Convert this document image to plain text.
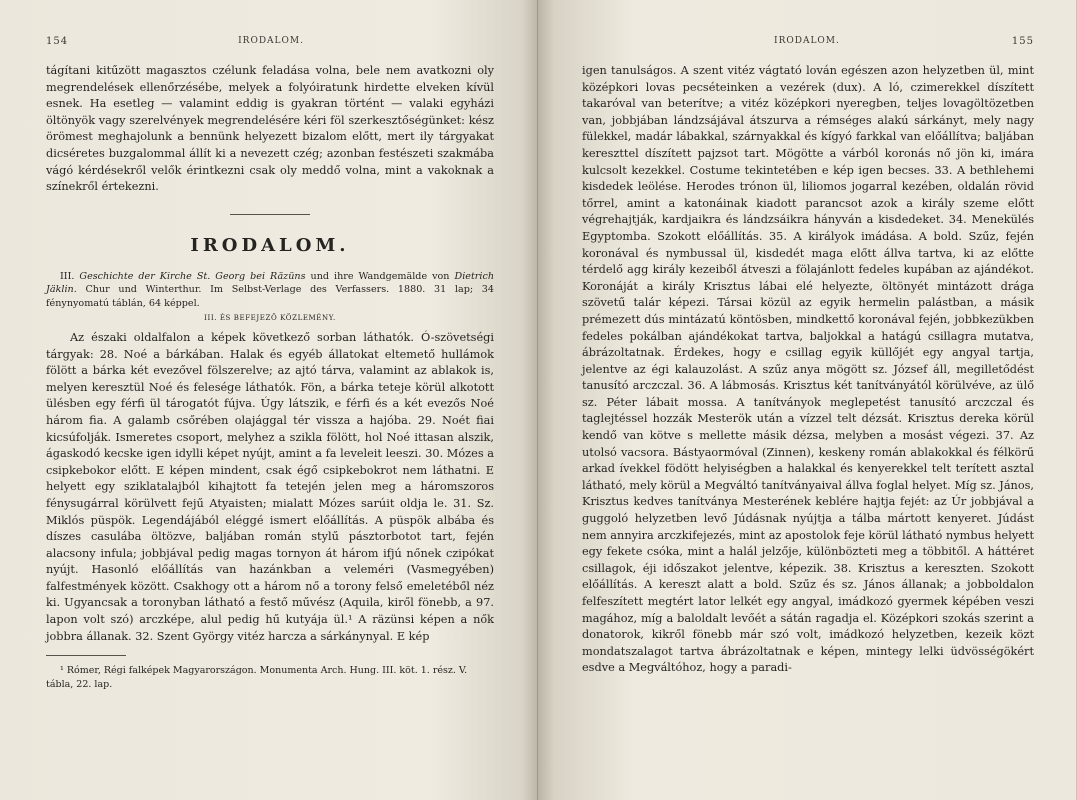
154	IRODALOM.

tágítani kitűzött magasztos czélunk feladása volna, bele nem avatkozni oly megrendelések ellenőrzésébe, melyek a folyóiratunk hirdette elveken kívül esnek. Ha esetleg — valamint eddig is gyakran történt — valaki egyházi öltönyök vagy szerelvények megrendelésére kéri föl szerkesztőségünket: kész örömest meghajolunk a bennünk helyezett bizalom előtt, mert ily tárgyakat dicséretes buzgalommal állít ki a nevezett czég; azonban festészeti szakmába vágó kérdésekről velők érintkezni csak oly meddő volna, mint a vakoknak a színekről értekezni.

IRODALOM.
III. Geschichte der Kirche St. Georg bei Räzüns und ihre Wandgemälde von Dietrich Jäklin. Chur und Winterthur. Im Selbst-Verlage des Verfassers. 1880. 31 lap; 34 fénynyomatú táblán, 64 képpel.
III. ÉS BEFEJEZŐ KÖZLEMÉNY.

Az északi oldalfalon a képek következő sorban láthatók. Ó-szövetségi tárgyak: 28. Noé a bárkában. Halak és egyéb állatokat eltemető hullámok fölött a bárka két evezővel fölszerelve; az ajtó tárva, valamint az ablakok is, melyen keresztül Noé és felesége láthatók. Fön, a bárka teteje körül alkotott ülésben egy férfi ül tárogatót fújva. Úgy látszik, e férfi és a két evezős Noé három fia. A galamb csőrében olajággal tér vissza a hajóba. 29. Noét fiai kicsúfolják. Ismeretes csoport, melyhez a szikla fölött, hol Noé ittasan alszik, ágaskodó kecske igen idylli képet nyújt, amint a fa leveleit leeszi. 30. Mózes a csipkebokor előtt. E képen mindent, csak égő csipkebokrot nem láthatni. E helyett egy sziklatalajból kihajtott fa tetején jelen meg a háromszoros fénysugárral körülvett fejű Atyaisten; mialatt Mózes sarúit oldja le. 31. Sz. Miklós püspök. Legendájából eléggé ismert előállítás. A püspök albába és díszes casulába öltözve, baljában román stylű pásztorbotot tart, fején alacsony infula; jobbjával pedig magas tornyon át három ifjú nőnek czipókat nyújt. Hasonló előállítás van hazánkban a veleméri (Vasmegyében) falfestmények között. Csakhogy ott a három nő a torony felső emeletéből néz ki. Ugyancsak a toronyban látható a festő művész (Aquila, kiről fönebb, a 97. lapon volt szó) arczképe, alul pedig hű kutyája ül.¹ A räzünsi képen a nők jobbra állanak. 32. Szent György vitéz harcza a sárkánynyal. E kép

¹ Rómer, Régi falképek Magyarországon. Monumenta Arch. Hung. III. köt. 1. rész. V. tábla, 22. lap.

IRODALOM.	155

igen tanulságos. A szent vitéz vágtató lován egészen azon helyzetben ül, mint középkori lovas pecséteinken a vezérek (dux). A ló, czimerekkel díszített takaróval van beterítve; a vitéz középkori nyeregben, teljes lovagöltözetben van, jobbjában lándzsájával átszurva a rémséges alakú sárkányt, mely nagy fülekkel, madár lábakkal, szárnyakkal és kígyó farkkal van előállítva; baljában kereszttel díszített pajzsot tart. Mögötte a várból koronás nő jön ki, imára kulcsolt kezekkel. Costume tekintetében e kép igen becses. 33. A bethlehemi kisdedek leölése. Herodes trónon ül, liliomos jogarral kezében, oldalán rövid tőrrel, amint a katonáinak kiadott parancsot azok a király szeme előtt végrehajtják, kardjaikra és lándzsáikra hányván a kisdedeket. 34. Menekülés Egyptomba. Szokott előállítás. 35. A királyok imádása. A bold. Szűz, fején koronával és nymbussal ül, kisdedét maga előtt állva tartva, ki az előtte térdelő agg király kezeiből átveszi a fölajánlott fedeles kupában az ajándékot. Koronáját a király Krisztus lábai elé helyezte, öltönyét mintázott drága szövetű talár képezi. Társai közül az egyik hermelin palástban, a másik prémezett dús mintázatú köntösben, mindkettő koronával fején, jobbkezükben fedeles pokálban ajándékokat tartva, baljokkal a hatágú csillagra mutatva, ábrázoltatnak. Érdekes, hogy e csillag egyik küllőjét egy angyal tartja, jelentve az égi kalauzolást. A szűz anya mögött sz. József áll, megilletődést tanusító arczczal. 36. A lábmosás. Krisztus két tanítványától körülvéve, az ülő sz. Péter lábait mossa. A tanítványok meglepetést tanusító arczczal és taglejtéssel hozzák Mesterök után a vízzel telt dézsát. Krisztus dereka körül kendő van kötve s mellette másik dézsa, melyben a mosást végezi. 37. Az utolsó vacsora. Bástyaormóval (Zinnen), keskeny román ablakokkal és félkörű arkad ívekkel födött helyiségben a halakkal és kenyerekkel telt terített asztal látható, mely körül a Megváltó tanítványaival állva foglal helyet. Míg sz. János, Krisztus kedves tanítványa Mesterének keblére hajtja fejét: az Úr jobbjával a guggoló helyzetben levő Júdásnak nyújtja a tálba mártott kenyeret. Júdást nem annyira arczkifejezés, mint az apostolok feje körül látható nymbus helyett egy fekete csóka, mint a halál jelzője, különbözteti meg a többitől. A háttéret csillagok, éji időszakot jelentve, képezik. 38. Krisztus a kereszten. Szokott előállítás. A kereszt alatt a bold. Szűz és sz. János állanak; a jobboldalon felfeszített megtért lator lelkét egy angyal, imádkozó gyermek képében veszi magához, míg a baloldalt levőét a sátán ragadja el. Középkori szokás szerint a donatorok, kikről fönebb már szó volt, imádkozó helyzetben, kezeik közt mondatszalagot tartva ábrázoltatnak e képen, mintegy lelki üdvösségökért esdve a Megváltóhoz, hogy a paradi-
